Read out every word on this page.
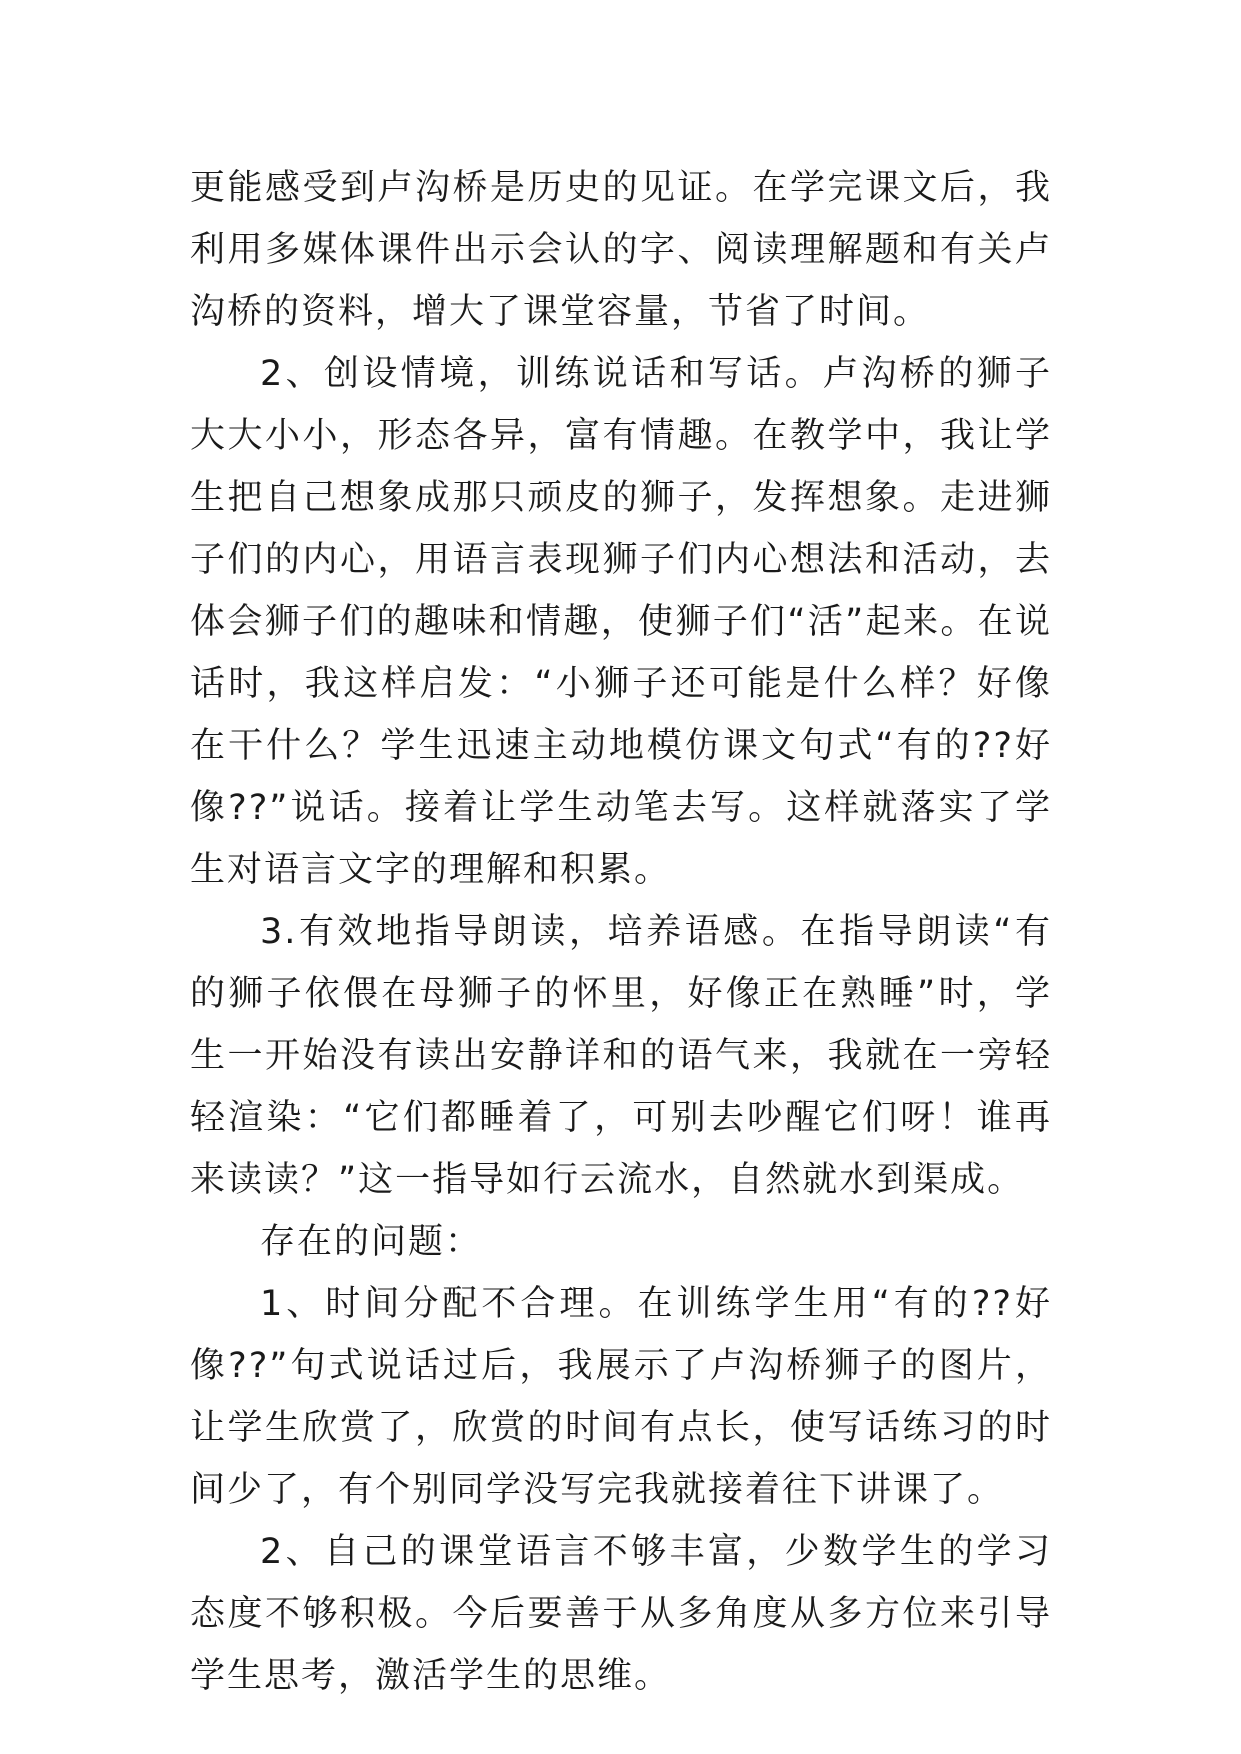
更能感受到卢沟桥是历史的见证。在学完课文后，我利用多媒体课件出示会认的字、阅读理解题和有关卢沟桥的资料，增大了课堂容量，节省了时间。

2、创设情境，训练说话和写话。卢沟桥的狮子大大小小，形态各异，富有情趣。在教学中，我让学生把自己想象成那只顽皮的狮子，发挥想象。走进狮子们的内心，用语言表现狮子们内心想法和活动，去体会狮子们的趣味和情趣，使狮子们“活”起来。在说话时，我这样启发：“小狮子还可能是什么样？好像在干什么？学生迅速主动地模仿课文句式“有的??好像??”说话。接着让学生动笔去写。这样就落实了学生对语言文字的理解和积累。

3.有效地指导朗读，培养语感。在指导朗读“有的狮子依偎在母狮子的怀里，好像正在熟睡”时，学生一开始没有读出安静详和的语气来，我就在一旁轻轻渲染：“它们都睡着了，可别去吵醒它们呀！谁再来读读？”这一指导如行云流水，自然就水到渠成。

存在的问题：

1、时间分配不合理。在训练学生用“有的??好像??”句式说话过后，我展示了卢沟桥狮子的图片，让学生欣赏了，欣赏的时间有点长，使写话练习的时间少了，有个别同学没写完我就接着往下讲课了。

2、自己的课堂语言不够丰富，少数学生的学习态度不够积极。今后要善于从多角度从多方位来引导学生思考，激活学生的思维。
